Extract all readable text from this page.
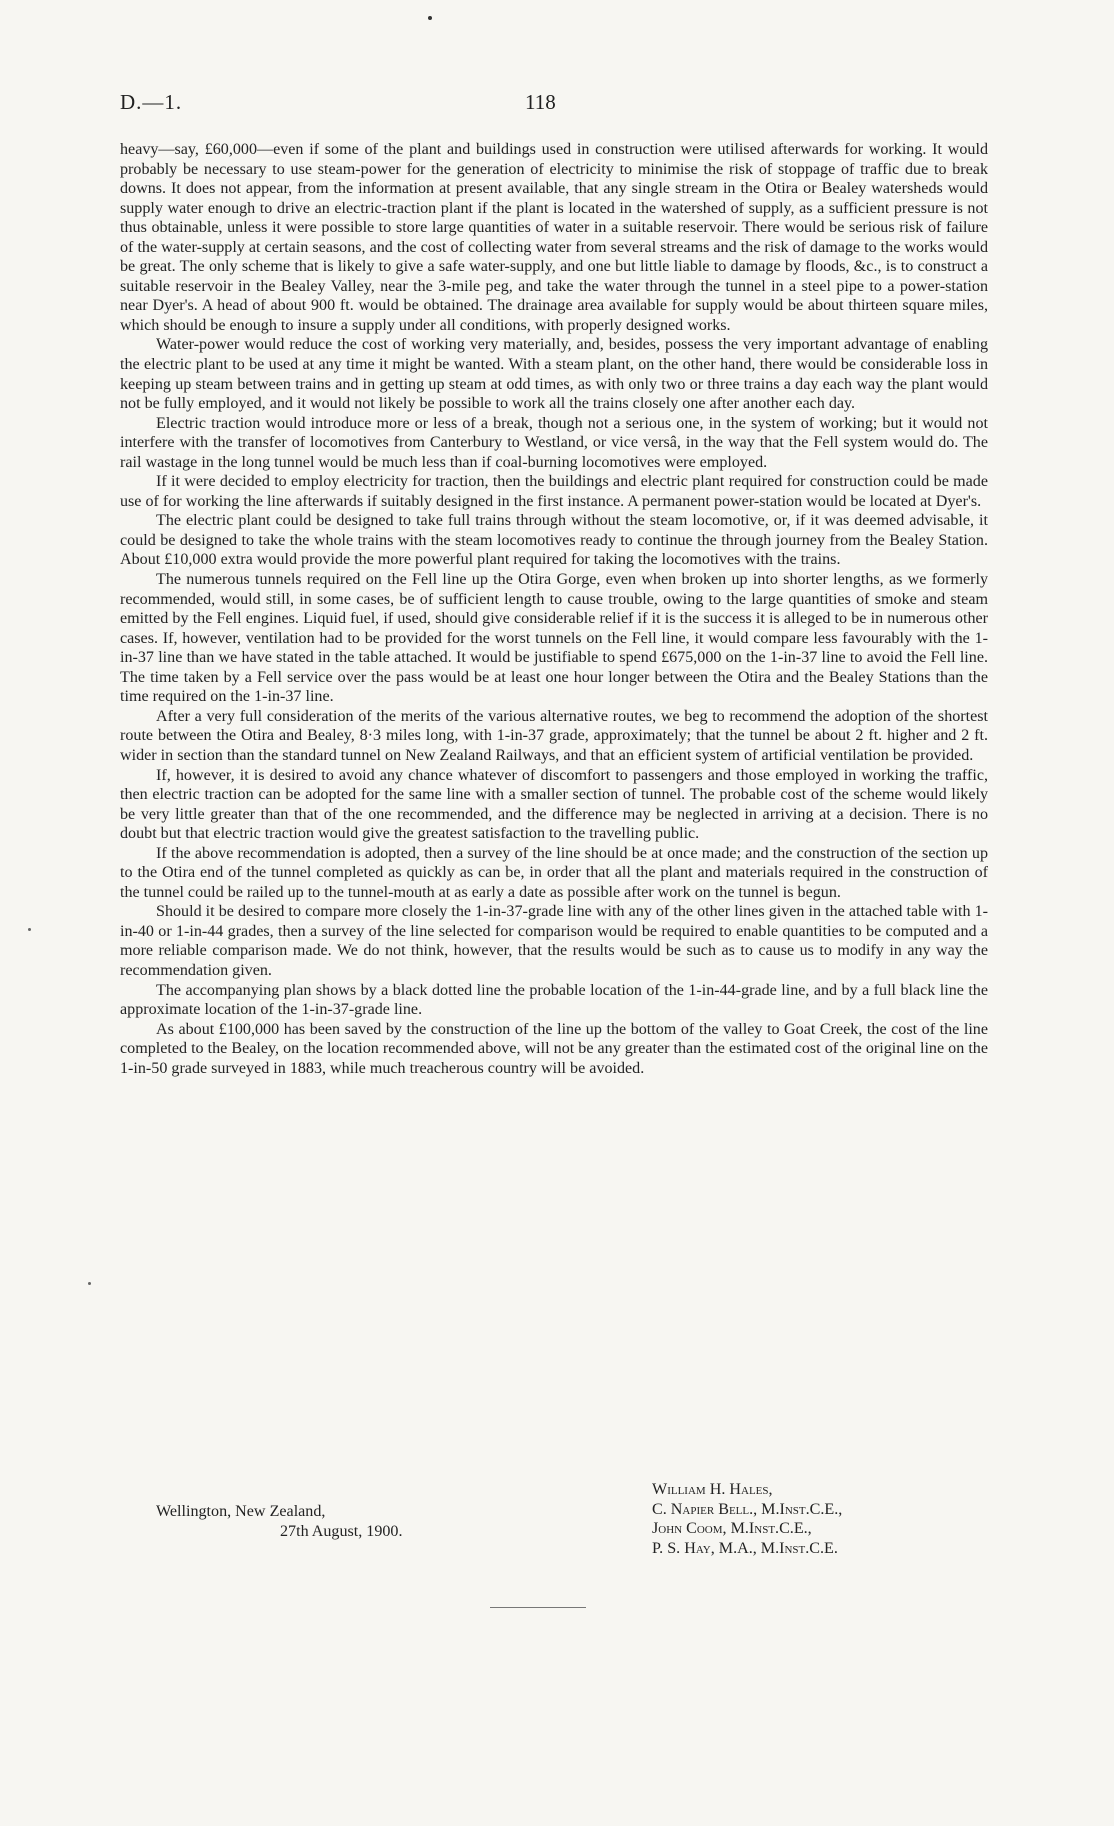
D.—1.	118

heavy—say, £60,000—even if some of the plant and buildings used in construction were utilised afterwards for working. It would probably be necessary to use steam-power for the generation of electricity to minimise the risk of stoppage of traffic due to break downs. It does not appear, from the information at present available, that any single stream in the Otira or Bealey watersheds would supply water enough to drive an electric-traction plant if the plant is located in the watershed of supply, as a sufficient pressure is not thus obtainable, unless it were possible to store large quantities of water in a suitable reservoir. There would be serious risk of failure of the water-supply at certain seasons, and the cost of collecting water from several streams and the risk of damage to the works would be great. The only scheme that is likely to give a safe water-supply, and one but little liable to damage by floods, &c., is to construct a suitable reservoir in the Bealey Valley, near the 3-mile peg, and take the water through the tunnel in a steel pipe to a power-station near Dyer's. A head of about 900 ft. would be obtained. The drainage area available for supply would be about thirteen square miles, which should be enough to insure a supply under all conditions, with properly designed works.

Water-power would reduce the cost of working very materially, and, besides, possess the very important advantage of enabling the electric plant to be used at any time it might be wanted. With a steam plant, on the other hand, there would be considerable loss in keeping up steam between trains and in getting up steam at odd times, as with only two or three trains a day each way the plant would not be fully employed, and it would not likely be possible to work all the trains closely one after another each day.

Electric traction would introduce more or less of a break, though not a serious one, in the system of working; but it would not interfere with the transfer of locomotives from Canterbury to Westland, or vice versâ, in the way that the Fell system would do. The rail wastage in the long tunnel would be much less than if coal-burning locomotives were employed.

If it were decided to employ electricity for traction, then the buildings and electric plant required for construction could be made use of for working the line afterwards if suitably designed in the first instance. A permanent power-station would be located at Dyer's.

The electric plant could be designed to take full trains through without the steam locomotive, or, if it was deemed advisable, it could be designed to take the whole trains with the steam locomotives ready to continue the through journey from the Bealey Station. About £10,000 extra would provide the more powerful plant required for taking the locomotives with the trains.

The numerous tunnels required on the Fell line up the Otira Gorge, even when broken up into shorter lengths, as we formerly recommended, would still, in some cases, be of sufficient length to cause trouble, owing to the large quantities of smoke and steam emitted by the Fell engines. Liquid fuel, if used, should give considerable relief if it is the success it is alleged to be in numerous other cases. If, however, ventilation had to be provided for the worst tunnels on the Fell line, it would compare less favourably with the 1-in-37 line than we have stated in the table attached. It would be justifiable to spend £675,000 on the 1-in-37 line to avoid the Fell line. The time taken by a Fell service over the pass would be at least one hour longer between the Otira and the Bealey Stations than the time required on the 1-in-37 line.

After a very full consideration of the merits of the various alternative routes, we beg to recommend the adoption of the shortest route between the Otira and Bealey, 8·3 miles long, with 1-in-37 grade, approximately; that the tunnel be about 2 ft. higher and 2 ft. wider in section than the standard tunnel on New Zealand Railways, and that an efficient system of artificial ventilation be provided.

If, however, it is desired to avoid any chance whatever of discomfort to passengers and those employed in working the traffic, then electric traction can be adopted for the same line with a smaller section of tunnel. The probable cost of the scheme would likely be very little greater than that of the one recommended, and the difference may be neglected in arriving at a decision. There is no doubt but that electric traction would give the greatest satisfaction to the travelling public.

If the above recommendation is adopted, then a survey of the line should be at once made; and the construction of the section up to the Otira end of the tunnel completed as quickly as can be, in order that all the plant and materials required in the construction of the tunnel could be railed up to the tunnel-mouth at as early a date as possible after work on the tunnel is begun.

Should it be desired to compare more closely the 1-in-37-grade line with any of the other lines given in the attached table with 1-in-40 or 1-in-44 grades, then a survey of the line selected for comparison would be required to enable quantities to be computed and a more reliable comparison made. We do not think, however, that the results would be such as to cause us to modify in any way the recommendation given.

The accompanying plan shows by a black dotted line the probable location of the 1-in-44-grade line, and by a full black line the approximate location of the 1-in-37-grade line.

As about £100,000 has been saved by the construction of the line up the bottom of the valley to Goat Creek, the cost of the line completed to the Bealey, on the location recommended above, will not be any greater than the estimated cost of the original line on the 1-in-50 grade surveyed in 1883, while much treacherous country will be avoided.

Wellington, New Zealand,
27th August, 1900.
William H. Hales,
C. Napier Bell., M.Inst.C.E.,
John Coom, M.Inst.C.E.,
P. S. Hay, M.A., M.Inst.C.E.
